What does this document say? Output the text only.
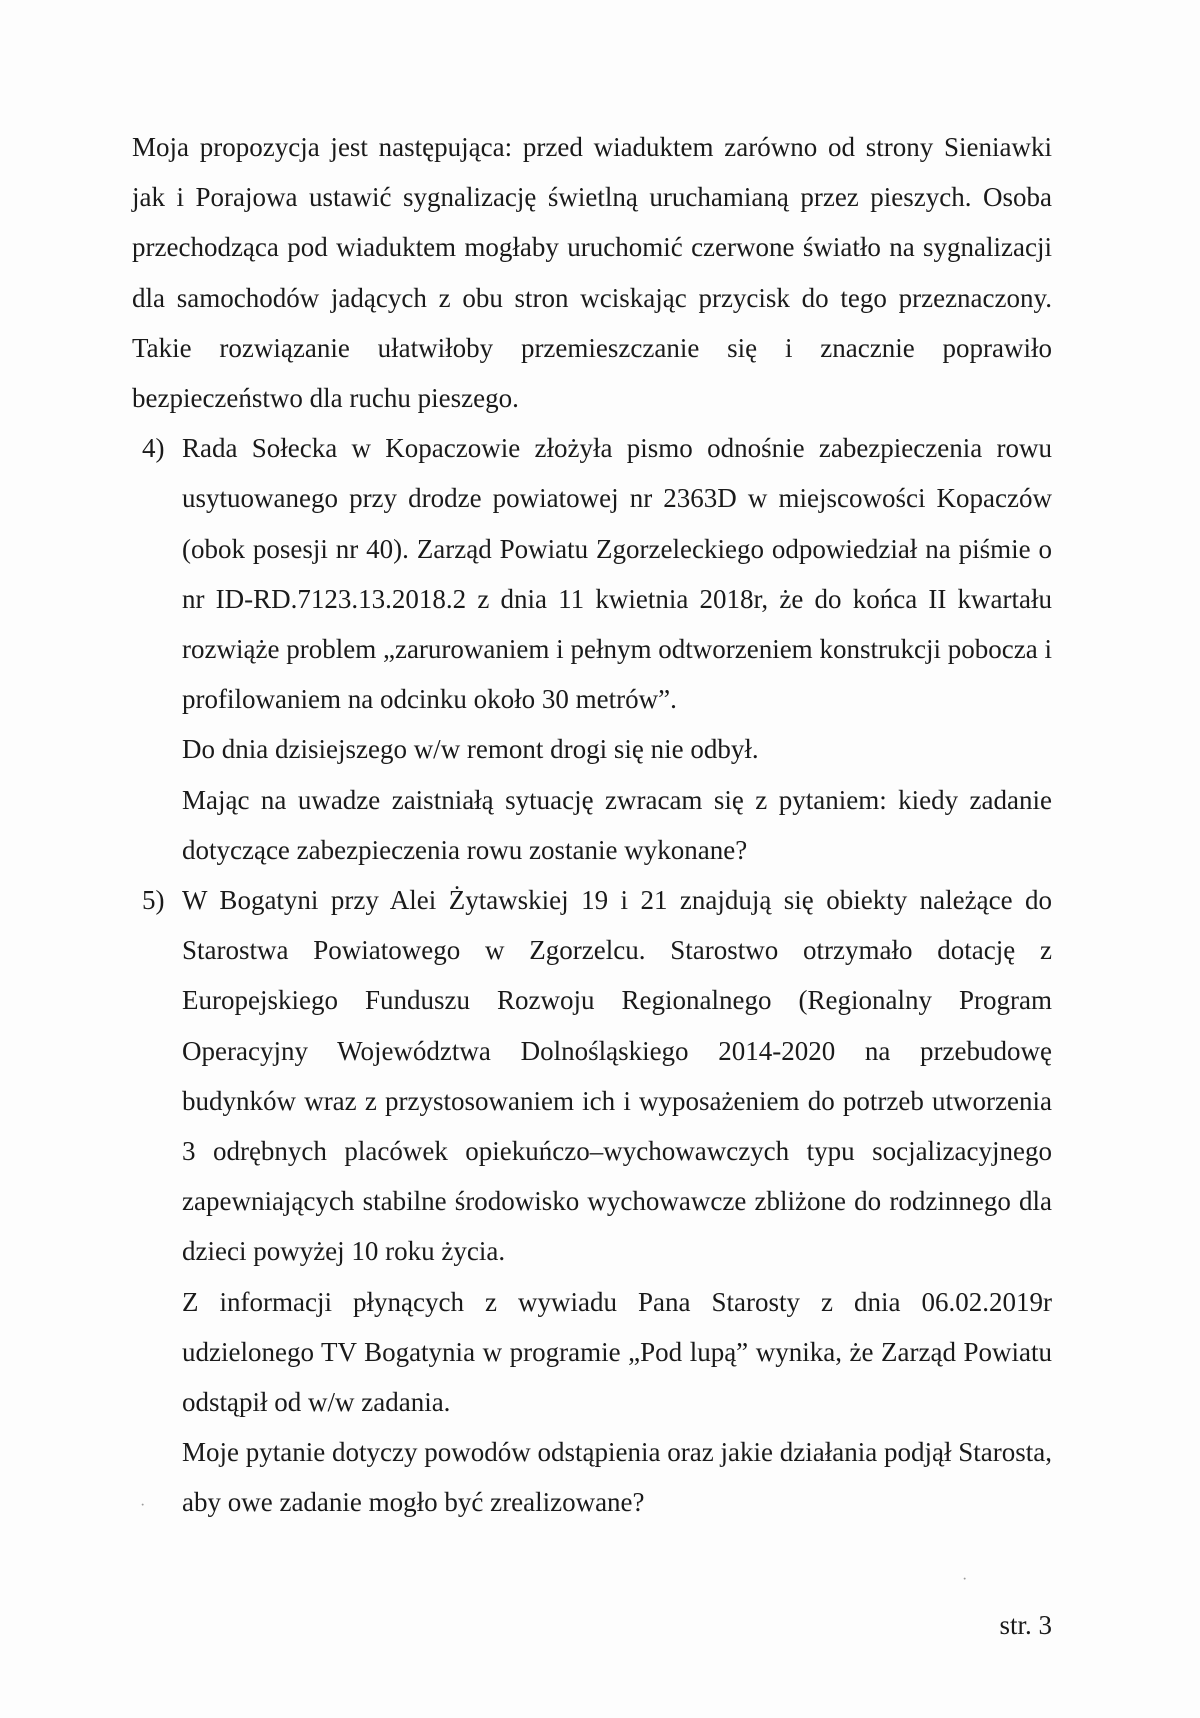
Moja propozycja jest następująca: przed wiaduktem zarówno od strony Sieniawki jak i Porajowa ustawić sygnalizację świetlną uruchamianą przez pieszych. Osoba przechodząca pod wiaduktem mogłaby uruchomić czerwone światło na sygnalizacji dla samochodów jadących z obu stron wciskając przycisk do tego przeznaczony. Takie rozwiązanie ułatwiłoby przemieszczanie się i znacznie poprawiło bezpieczeństwo dla ruchu pieszego.

4) Rada Sołecka w Kopaczowie złożyła pismo odnośnie zabezpieczenia rowu usytuowanego przy drodze powiatowej nr 2363D w miejscowości Kopaczów (obok posesji nr 40). Zarząd Powiatu Zgorzeleckiego odpowiedział na piśmie o nr ID-RD.7123.13.2018.2 z dnia 11 kwietnia 2018r, że do końca II kwartału rozwiąże problem „zarurowaniem i pełnym odtworzeniem konstrukcji pobocza i profilowaniem na odcinku około 30 metrów”.

Do dnia dzisiejszego w/w remont drogi się nie odbył.

Mając na uwadze zaistniałą sytuację zwracam się z pytaniem: kiedy zadanie dotyczące zabezpieczenia rowu zostanie wykonane?

5) W Bogatyni przy Alei Żytawskiej 19 i 21 znajdują się obiekty należące do Starostwa Powiatowego w Zgorzelcu. Starostwo otrzymało dotację z Europejskiego Funduszu Rozwoju Regionalnego (Regionalny Program Operacyjny Województwa Dolnośląskiego 2014-2020 na przebudowę budynków wraz z przystosowaniem ich i wyposażeniem do potrzeb utworzenia 3 odrębnych placówek opiekuńczo–wychowawczych typu socjalizacyjnego zapewniających stabilne środowisko wychowawcze zbliżone do rodzinnego dla dzieci powyżej 10 roku życia.

Z informacji płynących z wywiadu Pana Starosty z dnia 06.02.2019r udzielonego TV Bogatynia w programie „Pod lupą” wynika, że Zarząd Powiatu odstąpił od w/w zadania.

Moje pytanie dotyczy powodów odstąpienia oraz jakie działania podjął Starosta, aby owe zadanie mogło być zrealizowane?

str. 3
·
·
